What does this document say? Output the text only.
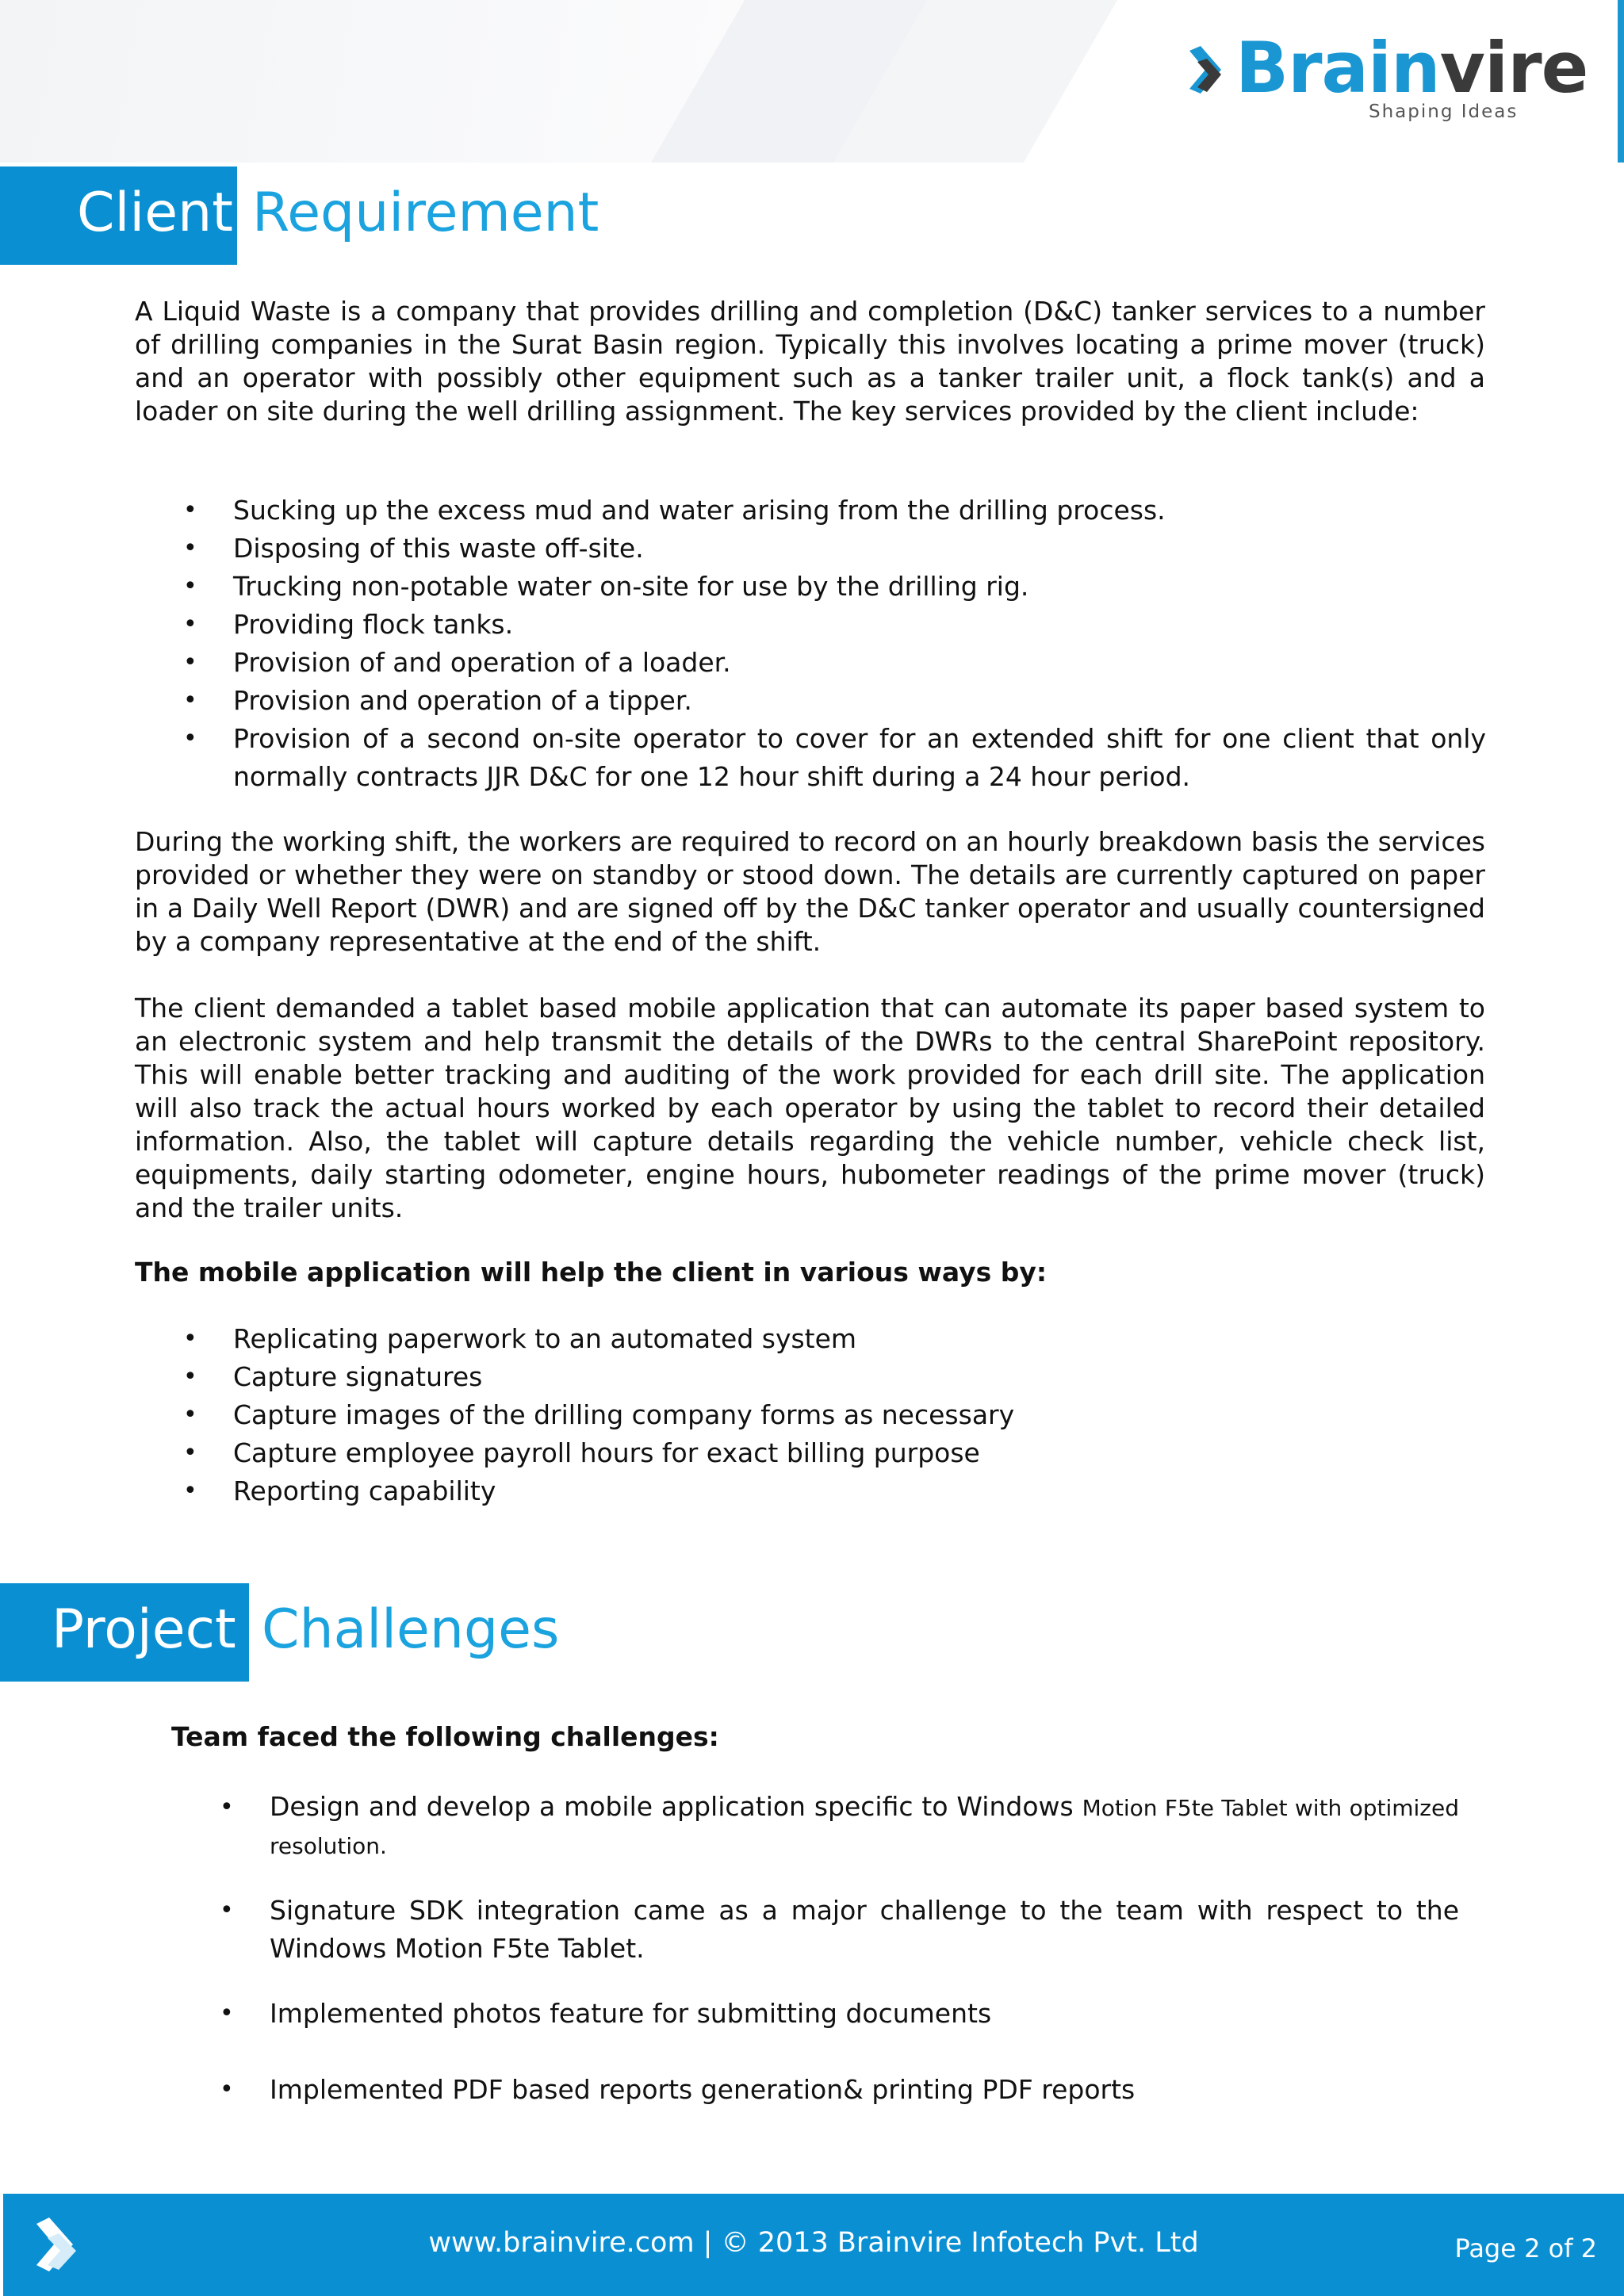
Brainvire
Shaping Ideas
Client Requirement

A Liquid Waste is a company that provides drilling and completion (D&C) tanker services to a number of drilling companies in the Surat Basin region. Typically this involves locating a prime mover (truck) and an operator with possibly other equipment such as a tanker trailer unit, a flock tank(s) and a loader on site during the well drilling assignment. The key services provided by the client include:

• Sucking up the excess mud and water arising from the drilling process.
• Disposing of this waste off-site.
• Trucking non-potable water on-site for use by the drilling rig.
• Providing flock tanks.
• Provision of and operation of a loader.
• Provision and operation of a tipper.
• Provision of a second on-site operator to cover for an extended shift for one client that only normally contracts JJR D&C for one 12 hour shift during a 24 hour period.

During the working shift, the workers are required to record on an hourly breakdown basis the services provided or whether they were on standby or stood down. The details are currently captured on paper in a Daily Well Report (DWR) and are signed off by the D&C tanker operator and usually countersigned by a company representative at the end of the shift.

The client demanded a tablet based mobile application that can automate its paper based system to an electronic system and help transmit the details of the DWRs to the central SharePoint repository. This will enable better tracking and auditing of the work provided for each drill site. The application will also track the actual hours worked by each operator by using the tablet to record their detailed information. Also, the tablet will capture details regarding the vehicle number, vehicle check list, equipments, daily starting odometer, engine hours, hubometer readings of the prime mover (truck) and the trailer units.

The mobile application will help the client in various ways by:

• Replicating paperwork to an automated system
• Capture signatures
• Capture images of the drilling company forms as necessary
• Capture employee payroll hours for exact billing purpose
• Reporting capability
Project Challenges

Team faced the following challenges:

• Design and develop a mobile application specific to Windows Motion F5te Tablet with optimized resolution.
• Signature SDK integration came as a major challenge to the team with respect to the Windows Motion F5te Tablet.
• Implemented photos feature for submitting documents
• Implemented PDF based reports generation& printing PDF reports
www.brainvire.com | © 2013 Brainvire Infotech Pvt. Ltd	Page 2 of 2
